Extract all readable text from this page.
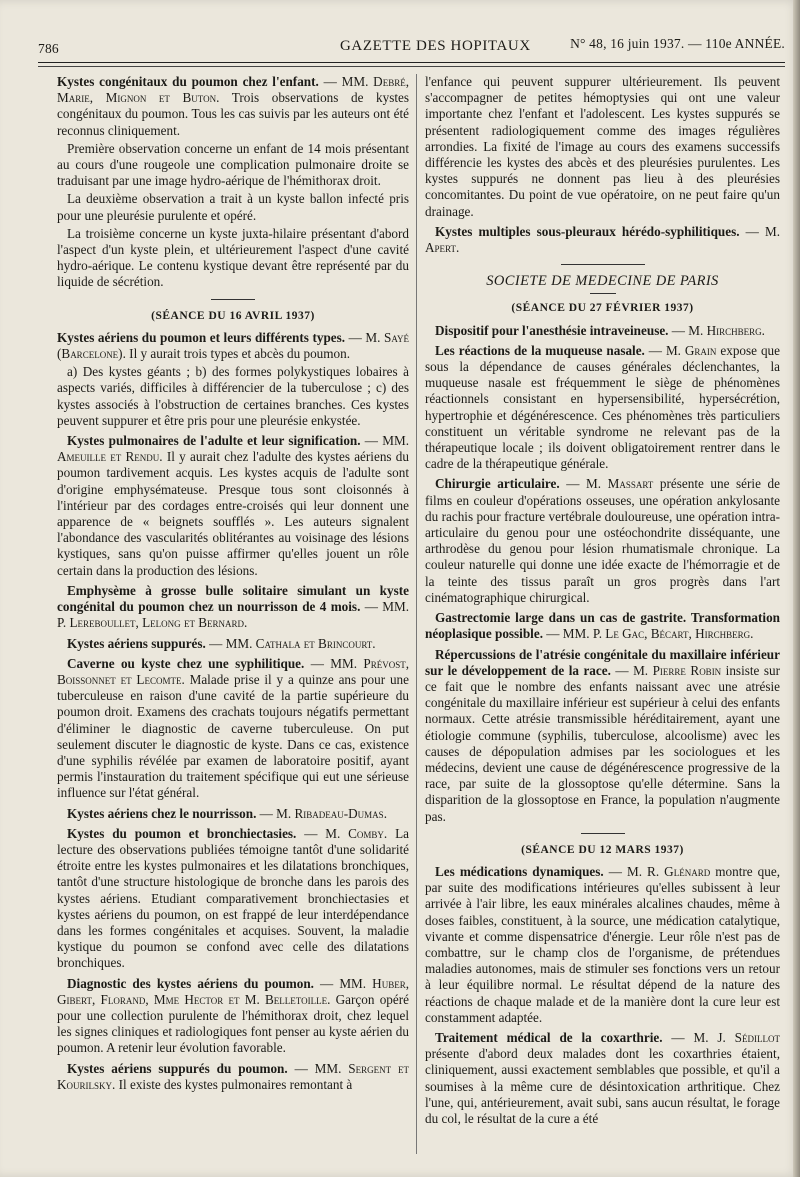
786	GAZETTE DES HOPITAUX	N° 48, 16 juin 1937. — 110e ANNÉE.

Kystes congénitaux du poumon chez l'enfant. — MM. Debré, Marie, Mignon et Buton. Trois observations de kystes congénitaux du poumon. Tous les cas suivis par les auteurs ont été reconnus cliniquement.

Première observation concerne un enfant de 14 mois présentant au cours d'une rougeole une complication pulmonaire droite se traduisant par une image hydro-aérique de l'hémithorax droit.

La deuxième observation a trait à un kyste ballon infecté pris pour une pleurésie purulente et opéré.

La troisième concerne un kyste juxta-hilaire présentant d'abord l'aspect d'un kyste plein, et ultérieurement l'aspect d'une cavité hydro-aérique. Le contenu kystique devant être représenté par du liquide de sécrétion.

(SÉANCE DU 16 AVRIL 1937)

Kystes aériens du poumon et leurs différents types. — M. Sayé (Barcelone). Il y aurait trois types et abcès du poumon.

a) Des kystes géants ; b) des formes polykystiques lobaires à aspects variés, difficiles à différencier de la tuberculose ; c) des kystes associés à l'obstruction de certaines branches. Ces kystes peuvent suppurer et être pris pour une pleurésie enkystée.

Kystes pulmonaires de l'adulte et leur signification. — MM. Ameuille et Rendu. Il y aurait chez l'adulte des kystes aériens du poumon tardivement acquis. Les kystes acquis de l'adulte sont d'origine emphysémateuse. Presque tous sont cloisonnés à l'intérieur par des cordages entre-croisés qui leur donnent une apparence de « beignets soufflés ». Les auteurs signalent l'abondance des vascularités oblitérantes au voisinage des lésions kystiques, sans qu'on puisse affirmer qu'elles jouent un rôle certain dans la production des lésions.

Emphysème à grosse bulle solitaire simulant un kyste congénital du poumon chez un nourrisson de 4 mois. — MM. P. Lereboullet, Lelong et Bernard.

Kystes aériens suppurés. — MM. Cathala et Brincourt.

Caverne ou kyste chez une syphilitique. — MM. Prévost, Boissonnet et Lecomte. Malade prise il y a quinze ans pour une tuberculeuse en raison d'une cavité de la partie supérieure du poumon droit. Examens des crachats toujours négatifs permettant d'éliminer le diagnostic de caverne tuberculeuse. On put seulement discuter le diagnostic de kyste. Dans ce cas, existence d'une syphilis révélée par examen de laboratoire positif, ayant permis l'instauration du traitement spécifique qui eut une sérieuse influence sur l'état général.

Kystes aériens chez le nourrisson. — M. Ribadeau-Dumas.

Kystes du poumon et bronchiectasies. — M. Comby. La lecture des observations publiées témoigne tantôt d'une solidarité étroite entre les kystes pulmonaires et les dilatations bronchiques, tantôt d'une structure histologique de bronche dans les parois des kystes aériens. Etudiant comparativement bronchiectasies et kystes aériens du poumon, on est frappé de leur interdépendance dans les formes congénitales et acquises. Souvent, la maladie kystique du poumon se confond avec celle des dilatations bronchiques.

Diagnostic des kystes aériens du poumon. — MM. Huber, Gibert, Florand, Mme Hector et M. Belletoille. Garçon opéré pour une collection purulente de l'hémithorax droit, chez lequel les signes cliniques et radiologiques font penser au kyste aérien du poumon. A retenir leur évolution favorable.

Kystes aériens suppurés du poumon. — MM. Sergent et Kourilsky. Il existe des kystes pulmonaires remontant à

l'enfance qui peuvent suppurer ultérieurement. Ils peuvent s'accompagner de petites hémoptysies qui ont une valeur importante chez l'enfant et l'adolescent. Les kystes suppurés se présentent radiologiquement comme des images régulières arrondies. La fixité de l'image au cours des examens successifs différencie les kystes des abcès et des pleurésies purulentes. Les kystes suppurés ne donnent pas lieu à des pleurésies concomitantes. Du point de vue opératoire, on ne peut faire qu'un drainage.

Kystes multiples sous-pleuraux hérédo-syphilitiques. — M. Apert.

SOCIETE DE MEDECINE DE PARIS
(SÉANCE DU 27 FÉVRIER 1937)

Dispositif pour l'anesthésie intraveineuse. — M. Hirchberg.

Les réactions de la muqueuse nasale. — M. Grain expose que sous la dépendance de causes générales déclenchantes, la muqueuse nasale est fréquemment le siège de phénomènes réactionnels consistant en hypersensibilité, hypersécrétion, hypertrophie et dégénérescence. Ces phénomènes très particuliers constituent un véritable syndrome ne relevant pas de la thérapeutique locale ; ils doivent obligatoirement rentrer dans le cadre de la thérapeutique générale.

Chirurgie articulaire. — M. Massart présente une série de films en couleur d'opérations osseuses, une opération ankylosante du rachis pour fracture vertébrale douloureuse, une opération intra-articulaire du genou pour une ostéochondrite disséquante, une arthrodèse du genou pour lésion rhumatismale chronique. La couleur naturelle qui donne une idée exacte de l'hémorragie et de la teinte des tissus paraît un gros progrès dans l'art cinématographique chirurgical.

Gastrectomie large dans un cas de gastrite. Transformation néoplasique possible. — MM. P. Le Gac, Bécart, Hirchberg.

Répercussions de l'atrésie congénitale du maxillaire inférieur sur le développement de la race. — M. Pierre Robin insiste sur ce fait que le nombre des enfants naissant avec une atrésie congénitale du maxillaire inférieur est supérieur à celui des enfants normaux. Cette atrésie transmissible héréditairement, ayant une étiologie commune (syphilis, tuberculose, alcoolisme) avec les causes de dépopulation admises par les sociologues et les médecins, devient une cause de dégénérescence progressive de la race, par suite de la glossoptose qu'elle détermine. Sans la disparition de la glossoptose en France, la population n'augmente pas.

(SÉANCE DU 12 MARS 1937)

Les médications dynamiques. — M. R. Glénard montre que, par suite des modifications intérieures qu'elles subissent à leur arrivée à l'air libre, les eaux minérales alcalines chaudes, même à doses faibles, constituent, à la source, une médication catalytique, vivante et comme dispensatrice d'énergie. Leur rôle n'est pas de combattre, sur le champ clos de l'organisme, de prétendues maladies autonomes, mais de stimuler ses fonctions vers un retour à leur équilibre normal. Le résultat dépend de la nature des réactions de chaque malade et de la manière dont la cure leur est constamment adaptée.

Traitement médical de la coxarthrie. — M. J. Sédillot présente d'abord deux malades dont les coxarthries étaient, cliniquement, aussi exactement semblables que possible, et qu'il a soumises à la même cure de désintoxication arthritique. Chez l'une, qui, antérieurement, avait subi, sans aucun résultat, le forage du col, le résultat de la cure a été
